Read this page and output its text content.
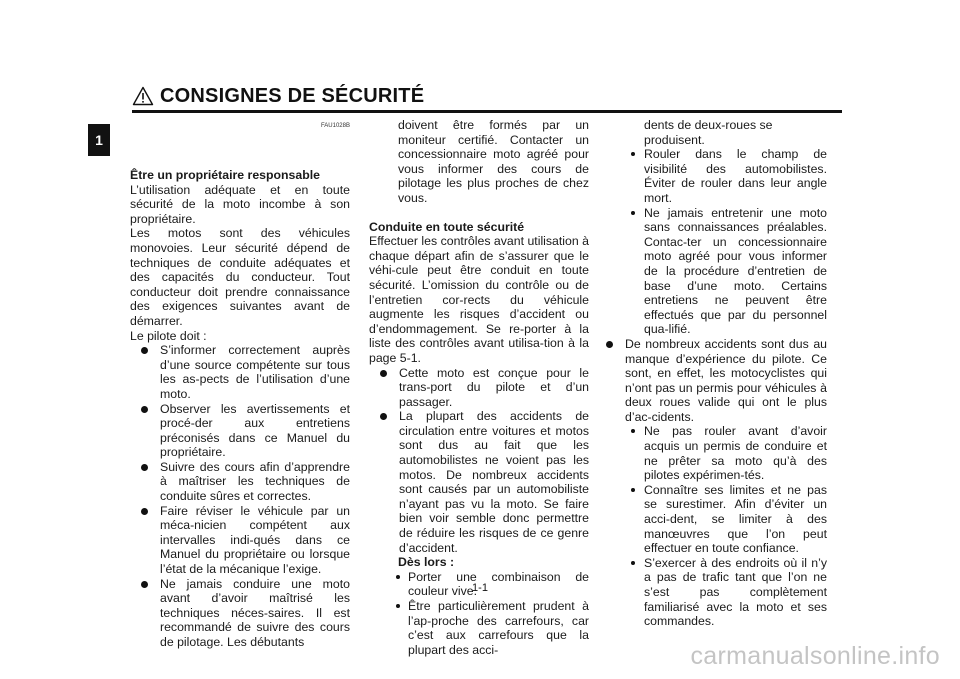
1
CONSIGNES DE SÉCURITÉ

FAU1028B

Être un propriétaire responsable

L’utilisation adéquate et en toute sécurité de la moto incombe à son propriétaire.

Les motos sont des véhicules monovoies. Leur sécurité dépend de techniques de conduite adéquates et des capacités du conducteur. Tout conducteur doit prendre connaissance des exigences suivantes avant de démarrer.

Le pilote doit :

S’informer correctement auprès d’une source compétente sur tous les as-pects de l’utilisation d’une moto.
Observer les avertissements et procé-der aux entretiens préconisés dans ce Manuel du propriétaire.
Suivre des cours afin d’apprendre à maîtriser les techniques de conduite sûres et correctes.
Faire réviser le véhicule par un méca-nicien compétent aux intervalles indi-qués dans ce Manuel du propriétaire ou lorsque l’état de la mécanique l’exige.
Ne jamais conduire une moto avant d’avoir maîtrisé les techniques néces-saires. Il est recommandé de suivre des cours de pilotage. Les débutants

doivent être formés par un moniteur certifié. Contacter un concessionnaire moto agréé pour vous informer des cours de pilotage les plus proches de chez vous.

Conduite en toute sécurité

Effectuer les contrôles avant utilisation à chaque départ afin de s’assurer que le véhi-cule peut être conduit en toute sécurité. L’omission du contrôle ou de l’entretien cor-rects du véhicule augmente les risques d’accident ou d’endommagement. Se re-porter à la liste des contrôles avant utilisa-tion à la page 5-1.

Cette moto est conçue pour le trans-port du pilote et d’un passager.
La plupart des accidents de circulation entre voitures et motos sont dus au fait que les automobilistes ne voient pas les motos. De nombreux accidents sont causés par un automobiliste n’ayant pas vu la moto. Se faire bien voir semble donc permettre de réduire les risques de ce genre d’accident.

Dès lors :

Porter une combinaison de couleur vive.
Être particulièrement prudent à l’ap-proche des carrefours, car c’est aux carrefours que la plupart des acci-

dents de deux-roues se produisent.

Rouler dans le champ de visibilité des automobilistes. Éviter de rouler dans leur angle mort.
Ne jamais entretenir une moto sans connaissances préalables. Contac-ter un concessionnaire moto agréé pour vous informer de la procédure d’entretien de base d’une moto. Certains entretiens ne peuvent être effectués que par du personnel qua-lifié.
De nombreux accidents sont dus au manque d’expérience du pilote. Ce sont, en effet, les motocyclistes qui n’ont pas un permis pour véhicules à deux roues valide qui ont le plus d’ac-cidents.
Ne pas rouler avant d’avoir acquis un permis de conduire et ne prêter sa moto qu’à des pilotes expérimen-tés.
Connaître ses limites et ne pas se surestimer. Afin d’éviter un acci-dent, se limiter à des manœuvres que l’on peut effectuer en toute confiance.
S’exercer à des endroits où il n’y a pas de trafic tant que l’on ne s’est pas complètement familiarisé avec la moto et ses commandes.
1-1
carmanualsonline.info
